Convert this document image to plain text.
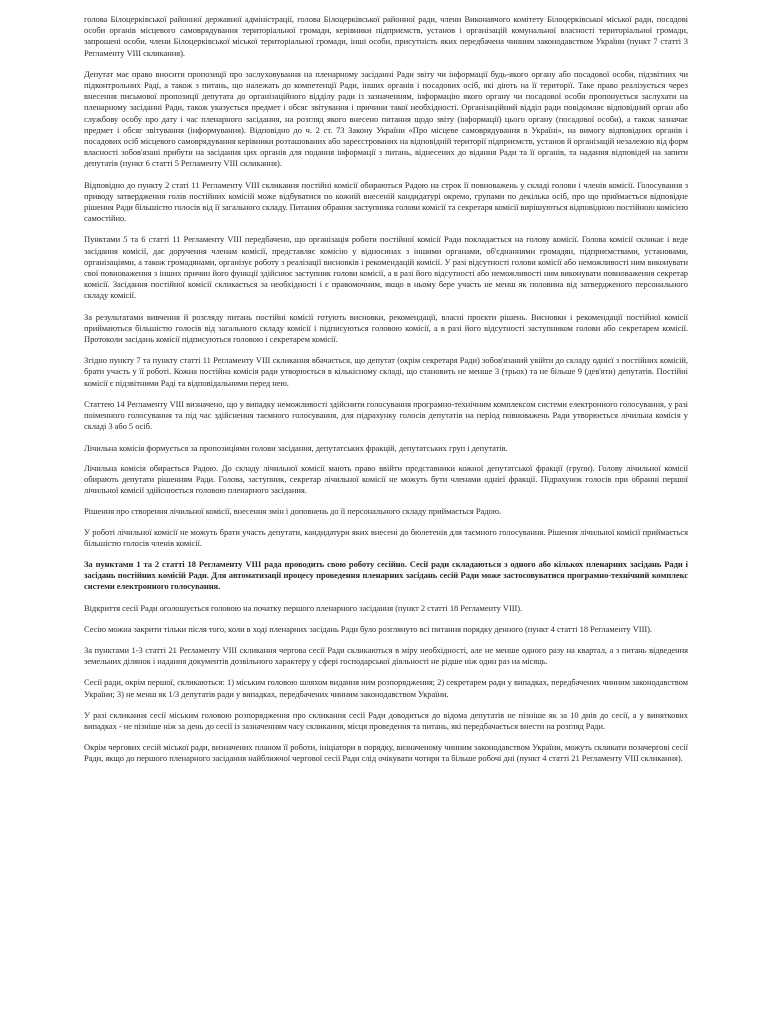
голова Білоцерківської районної державної адміністрації, голова Білоцерківської районної ради, члени Виконавчого комітету Білоцерківської міської ради, посадові особи органів місцевого самоврядування територіальної громади, керівники підприємств, установ і організацій комунальної власності територіальної громади, запрошені особи, члени Білоцерківської міської територіальної громади, інші особи, присутність яких передбачена чинним законодавством України (пункт 7 статті 3 Регламенту VIII скликання).

Депутат має право вносити пропозиції про заслуховування на пленарному засіданні Ради звіту чи інформації будь-якого органу або посадової особи, підзвітних чи підконтрольних Раді, а також з питань, що належать до компетенції Ради, інших органів і посадових осіб, які діють на її території. Таке право реалізується через внесення письмової пропозиції депутата до організаційного відділу ради із зазначенням, інформацію якого органу чи посадової особи пропонується заслухати на пленарному засіданні Ради, також указується предмет і обсяг звітування і причини такої необхідності. Організаційний відділ ради повідомляє відповідний орган або службову особу про дату і час пленарного засідання, на розгляд якого внесено питання щодо звіту (інформації) цього органу (посадової особи), а також зазначає предмет і обсяг звітування (інформування). Відповідно до ч. 2 ст. 73 Закону України «Про місцеве самоврядування в Україні», на вимогу відповідних органів і посадових осіб місцевого самоврядування керівники розташованих або зареєстрованих на відповідній території підприємств, установ й організацій незалежно від форм власності зобов'язані прибути на засідання цих органів для подання інформації з питань, віднесених до відання Ради та її органів, та надання відповідей на запити депутатів (пункт 6 статті 5 Регламенту VIII скликання).

Відповідно до пункту 2 статі 11 Регламенту VIII скликання постійні комісії обираються Радою на строк її повноважень у складі голови і членів комісії. Голосування з приводу затвердження голів постійних комісій може відбуватися по кожній внесеній кандидатурі окремо, групами по декілька осіб, про що приймається відповідне рішення Ради більшістю голосів від її загального складу. Питання обрання заступника голови комісії та секретаря комісії вирішуються відповідною постійною комісією самостійно.

Пунктами 5 та 6 статті 11 Регламенту VIII передбачено, що організація роботи постійної комісії Ради покладається на голову комісії. Голова комісії скликає і веде засідання комісії, дає доручення членам комісії, представляє комісію у відносинах з іншими органами, об'єднаннями громадян, підприємствами, установами, організаціями, а також громадянами, організує роботу з реалізації висновків і рекомендацій комісії. У разі відсутності голови комісії або неможливості ним виконувати свої повноваження з інших причин його функції здійснює заступник голови комісії, а в разі його відсутності або неможливості ним виконувати повноваження секретар комісії. Засідання постійної комісії скликається за необхідності і є правомочним, якщо в ньому бере участь не менш як половина від затвердженого персонального складу комісії.

За результатами вивчення й розгляду питань постійні комісії готують висновки, рекомендації, власні проєкти рішень. Висновки і рекомендації постійної комісії приймаються більшістю голосів від загального складу комісії і підписуються головою комісії, а в разі його відсутності заступником голови або секретарем комісії. Протоколи засідань комісії підписуються головою і секретарем комісії.

Згідно пункту 7 та пункту статті 11 Регламенту VIII скликання вбачається, що депутат (окрім секретаря Ради) зобов'язаний увійти до складу однієї з постійних комісій, брати участь у її роботі. Кожна постійна комісія ради утворюється в кількісному складі, що становить не менше 3 (трьох) та не більше 9 (дев'яти) депутатів. Постійні комісії є підзвітними Раді та відповідальними перед нею.

Статтею 14 Регламенту VIII визначено, що у випадку неможливості здійснити голосування програмно-технічним комплексом системи електронного голосування, у разі поіменного голосування та під час здійснення таємного голосування, для підрахунку голосів депутатів на період повноважень Ради утворюється лічильна комісія у складі 3 або 5 осіб.

Лічильна комісія формується за пропозиціями голови засідання, депутатських фракцій, депутатських груп і депутатів.

Лічильна комісія обирається Радою. До складу лічильної комісії мають право ввійти представники кожної депутатської фракції (групи). Голову лічильної комісії обирають депутати рішенням Ради. Голова, заступник, секретар лічильної комісії не можуть бути членами однієї фракції. Підрахунок голосів при обранні першої лічильної комісії здійснюється головою пленарного засідання.

Рішення про створення лічильної комісії, внесення змін і доповнень до її персонального складу приймається Радою.

У роботі лічильної комісії не можуть брати участь депутати, кандидатури яких внесені до бюлетенів для таємного голосування. Рішення лічильної комісії приймається більшістю голосів членів комісії.

За пунктами 1 та 2 статті 18 Регламенту VIII рада проводить свою роботу сесійно. Сесії ради складаються з одного або кількох пленарних засідань Ради і засідань постійних комісій Ради. Для автоматизації процесу проведення пленарних засідань сесій Ради може застосовуватися програмно-технічний комплекс системи електронного голосування.

Відкриття сесії Ради оголошується головою на початку першого пленарного засідання (пункт 2 статті 18 Регламенту VIII).

Сесію можна закрити тільки після того, коли в ході пленарних засідань Ради було розглянуто всі питання порядку денного (пункт 4 статті 18 Регламенту VIII).

За пунктами 1-3 статті 21 Регламенту VIII скликання чергова сесії Ради скликаються в міру необхідності, але не менше одного разу на квартал, а з питань відведення земельних ділянок і надання документів дозвільного характеру у сфері господарської діяльності не рідше ніж один раз на місяць.

Сесії ради, окрім першої, скликаються: 1) міським головою шляхом видання ним розпорядження; 2) секретарем ради у випадках, передбачених чинним законодавством України; 3) не менш як 1/3 депутатів ради у випадках, передбачених чинним законодавством України.

У разі скликання сесії міським головою розпорядження про скликання сесії Ради доводиться до відома депутатів не пізніше як за 10 днів до сесії, а у виняткових випадках - не пізніше ніж за день до сесії із зазначенням часу скликання, місця проведення та питань, які передбачається внести на розгляд Ради.

Окрім чергових сесій міської ради, визначених планом її роботи, ініціатори в порядку, визначеному чинним законодавством України, можуть скликати позачергові сесії Ради, якщо до першого пленарного засідання найближчої чергової сесії Ради слід очікувати чотири та більше робочі дні (пункт 4 статті 21 Регламенту VIII скликання).
